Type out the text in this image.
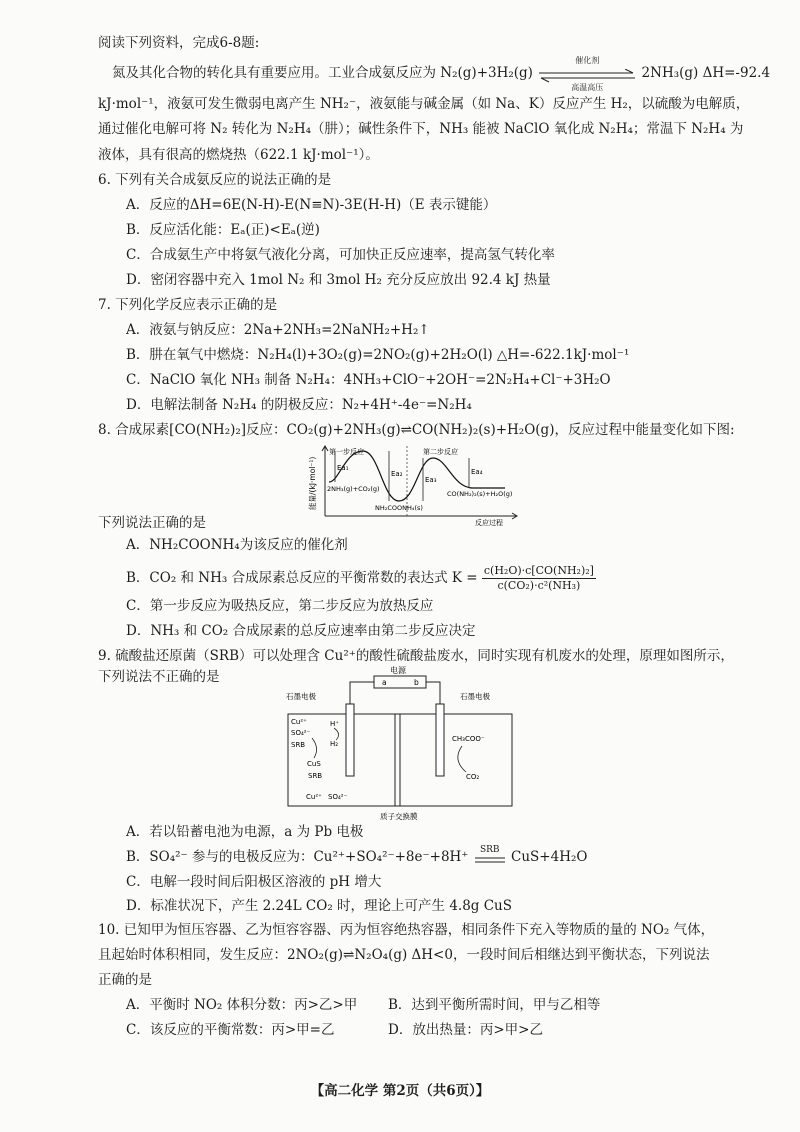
阅读下列资料，完成6-8题:
氮及其化合物的转化具有重要应用。工业合成氨反应为 N₂(g)+3H₂(g)
催化剂
高温高压
2NH₃(g) ΔH=-92.4
kJ·mol⁻¹，液氨可发生微弱电离产生 NH₂⁻，液氨能与碱金属（如 Na、K）反应产生 H₂，以硫酸为电解质，
通过催化电解可将 N₂ 转化为 N₂H₄（肼）；碱性条件下，NH₃ 能被 NaClO 氧化成 N₂H₄；常温下 N₂H₄ 为
液体，具有很高的燃烧热（622.1 kJ·mol⁻¹）。
6. 下列有关合成氨反应的说法正确的是
A．反应的ΔH=6E(N-H)-E(N≡N)-3E(H-H)（E 表示键能）
B．反应活化能：Eₐ(正)<Eₐ(逆)
C．合成氨生产中将氨气液化分离，可加快正反应速率，提高氢气转化率
D．密闭容器中充入 1mol N₂ 和 3mol H₂ 充分反应放出 92.4 kJ 热量
7. 下列化学反应表示正确的是
A．液氨与钠反应：2Na+2NH₃=2NaNH₂+H₂↑
B．肼在氧气中燃烧：N₂H₄(l)+3O₂(g)=2NO₂(g)+2H₂O(l) △H=-622.1kJ·mol⁻¹
C．NaClO 氧化 NH₃ 制备 N₂H₄：4NH₃+ClO⁻+2OH⁻=2N₂H₄+Cl⁻+3H₂O
D．电解法制备 N₂H₄ 的阴极反应：N₂+4H⁺-4e⁻=N₂H₄
8. 合成尿素[CO(NH₂)₂]反应：CO₂(g)+2NH₃(g)⇌CO(NH₂)₂(s)+H₂O(g)，反应过程中能量变化如下图:
能量/(kJ·mol⁻¹)
第一步反应	第二步反应
Ea₁
Ea₂
Ea₃
Ea₄
2NH₃(g)+CO₂(g)
NH₂COONH₄(s)
CO(NH₂)₂(s)+H₂O(g)
反应过程
下列说法正确的是
A．NH₂COONH₄为该反应的催化剂
B．CO₂ 和 NH₃ 合成尿素总反应的平衡常数的表达式 $K = \frac{\text{c(H₂O)·c[CO(NH₂)₂]}}{\text{c(CO₂)·c²(NH₃)}}$
C．第一步反应为吸热反应，第二步反应为放热反应
D．NH₃ 和 CO₂ 合成尿素的总反应速率由第二步反应决定
9. 硫酸盐还原菌（SRB）可以处理含 Cu²⁺的酸性硫酸盐废水，同时实现有机废水的处理，原理如图所示，
下列说法不正确的是	电源
a	b
石墨电极	石墨电极
Cu²⁺
SO₄²⁻
SRB
CuS
H⁺
H₂
SRB
Cu²⁺ SO₄²⁻
CH₃COO⁻
CO₂
质子交换膜
A．若以铅蓄电池为电源，a 为 Pb 电极
B．SO₄²⁻ 参与的电极反应为：Cu²⁺+SO₄²⁻+8e⁻+8H⁺	SRB CuS+4H₂O
C．电解一段时间后阳极区溶液的 pH 增大
D．标准状况下，产生 2.24L CO₂ 时，理论上可产生 4.8g CuS
10. 已知甲为恒压容器、乙为恒容容器、丙为恒容绝热容器，相同条件下充入等物质的量的 NO₂ 气体，
且起始时体积相同，发生反应：2NO₂(g)⇌N₂O₄(g) ΔH<0，一段时间后相继达到平衡状态，下列说法
正确的是
A．平衡时 NO₂ 体积分数：丙>乙>甲 B．达到平衡所需时间，甲与乙相等
C．该反应的平衡常数：丙>甲=乙	D．放出热量：丙>甲>乙
【高二化学 第2页（共6页）】
